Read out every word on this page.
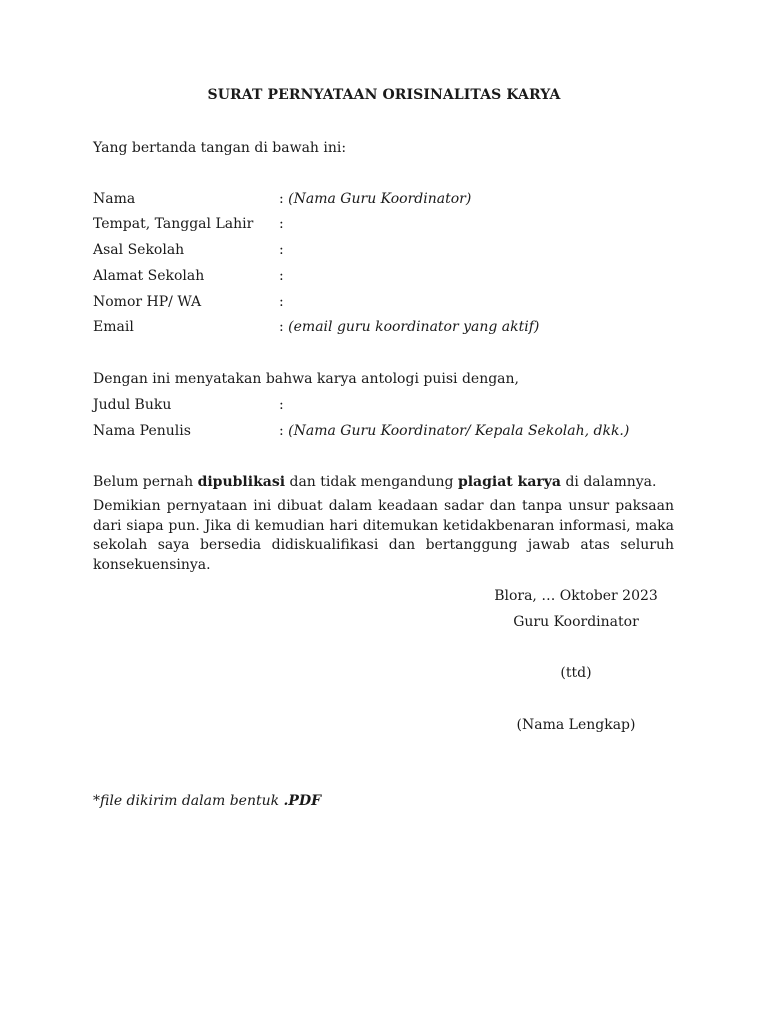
SURAT PERNYATAAN ORISINALITAS KARYA
Yang bertanda tangan di bawah ini:
Nama	: (Nama Guru Koordinator)
Tempat, Tanggal Lahir :
Asal Sekolah	:
Alamat Sekolah	:
Nomor HP/ WA	:
Email	: (email guru koordinator yang aktif)
Dengan ini menyatakan bahwa karya antologi puisi dengan,
Judul Buku	:
Nama Penulis	: (Nama Guru Koordinator/ Kepala Sekolah, dkk.)
Belum pernah dipublikasi dan tidak mengandung plagiat karya di dalamnya.
Demikian pernyataan ini dibuat dalam keadaan sadar dan tanpa unsur paksaan dari siapa pun. Jika di kemudian hari ditemukan ketidakbenaran informasi, maka sekolah saya bersedia didiskualifikasi dan bertanggung jawab atas seluruh konsekuensinya.
Blora, … Oktober 2023
Guru Koordinator
(ttd)
(Nama Lengkap)
*file dikirim dalam bentuk .PDF
